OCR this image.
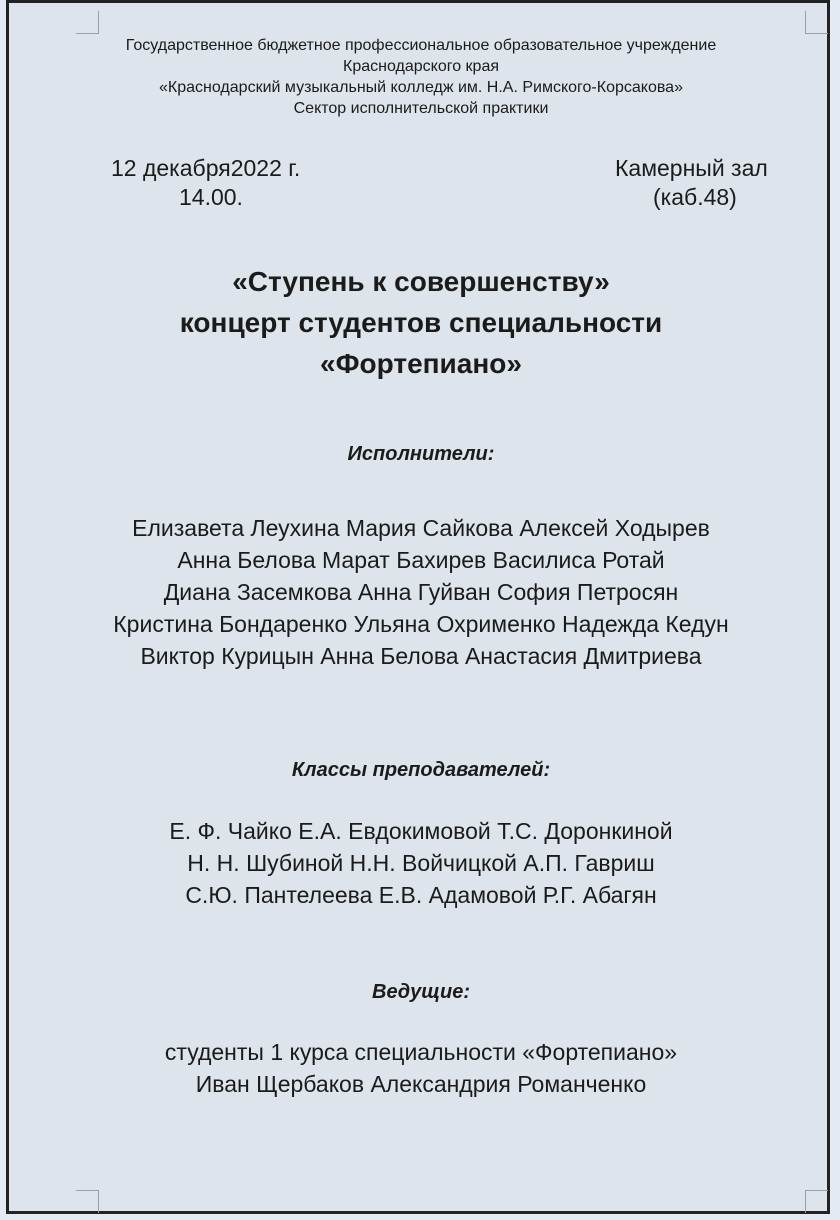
Государственное бюджетное профессиональное образовательное учреждение
Краснодарского края
«Краснодарский музыкальный колледж им. Н.А. Римского-Корсакова»
Сектор исполнительской практики
12 декабря2022 г.
14.00.
Камерный зал
(каб.48)
«Ступень к совершенству»
концерт студентов специальности
«Фортепиано»
Исполнители:
Елизавета Леухина Мария Сайкова Алексей Ходырев
Анна Белова Марат Бахирев Василиса Ротай
Диана Засемкова Анна Гуйван София Петросян
Кристина Бондаренко Ульяна Охрименко Надежда Кедун
Виктор Курицын Анна Белова Анастасия Дмитриева
Классы преподавателей:
Е. Ф. Чайко Е.А. Евдокимовой Т.С. Доронкиной
Н. Н. Шубиной Н.Н. Войчицкой А.П. Гавриш
С.Ю. Пантелеева Е.В. Адамовой Р.Г. Абагян
Ведущие:
студенты 1 курса специальности «Фортепиано»
Иван Щербаков Александрия Романченко
